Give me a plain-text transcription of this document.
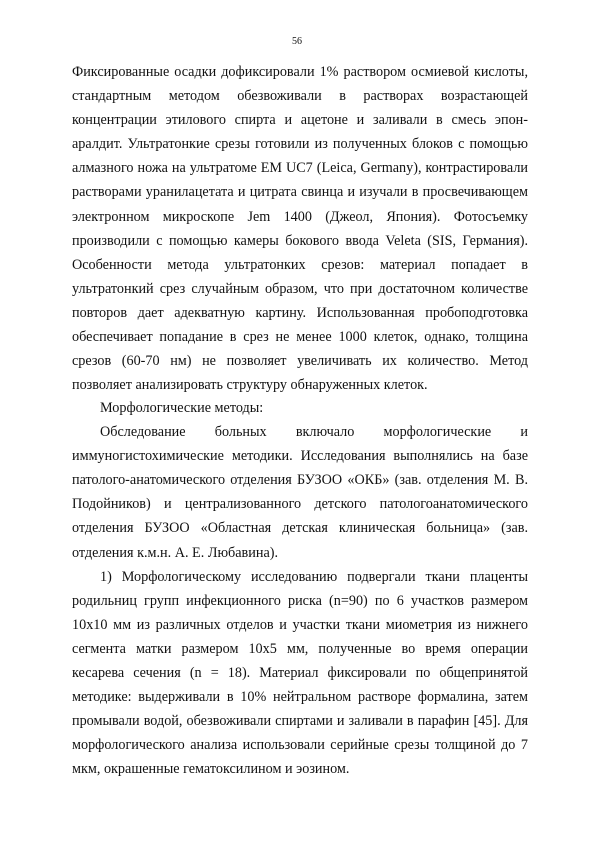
56

Фиксированные осадки дофиксировали 1% раствором осмиевой кислоты, стандартным методом обезвоживали в растворах возрастающей концентрации этилового спирта и ацетоне и заливали в смесь эпон-аралдит. Ультратонкие срезы готовили из полученных блоков с помощью алмазного ножа на ультратоме EM UC7 (Leica, Germany), контрастировали растворами уранилацетата и цитрата свинца и изучали в просвечивающем электронном микроскопе Jem 1400 (Джеол, Япония). Фотосъемку производили с помощью камеры бокового ввода Veleta (SIS, Германия). Особенности метода ультратонких срезов: материал попадает в ультратонкий срез случайным образом, что при достаточном количестве повторов дает адекватную картину. Использованная пробоподготовка обеспечивает попадание в срез не менее 1000 клеток, однако, толщина срезов (60-70 нм) не позволяет увеличивать их количество. Метод позволяет анализировать структуру обнаруженных клеток.

Морфологические методы:

Обследование больных включало морфологические и иммуногистохимические методики. Исследования выполнялись на базе патолого-анатомического отделения БУЗОО «ОКБ» (зав. отделения М. В. Подойников) и централизованного детского патологоанатомического отделения БУЗОО «Областная детская клиническая больница» (зав. отделения к.м.н. А. Е. Любавина).

1) Морфологическому исследованию подвергали ткани плаценты родильниц групп инфекционного риска (n=90) по 6 участков размером 10х10 мм из различных отделов и участки ткани миометрия из нижнего сегмента матки размером 10х5 мм, полученные во время операции кесарева сечения (n = 18). Материал фиксировали по общепринятой методике: выдерживали в 10% нейтральном растворе формалина, затем промывали водой, обезвоживали спиртами и заливали в парафин [45]. Для морфологического анализа использовали серийные срезы толщиной до 7 мкм, окрашенные гематоксилином и эозином.
